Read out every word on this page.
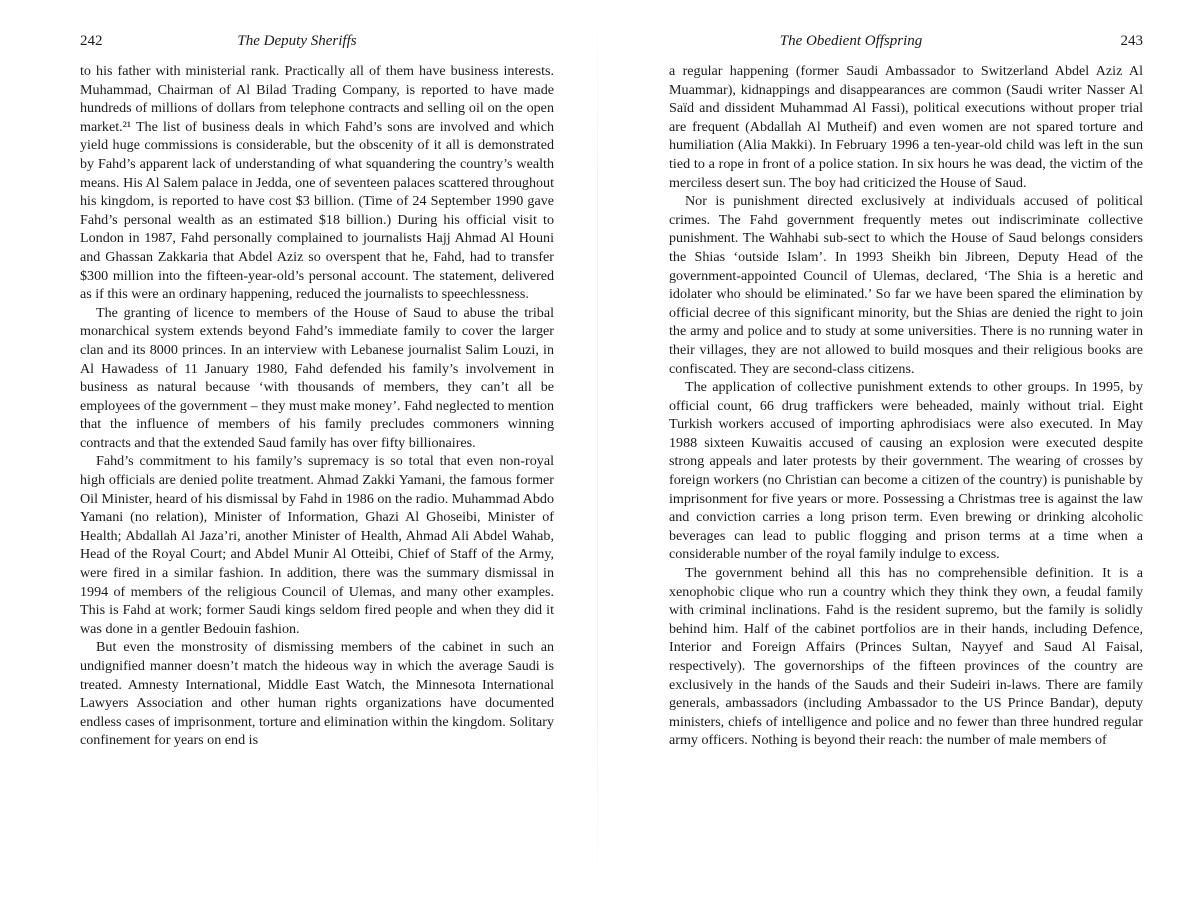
242	The Deputy Sheriffs

to his father with ministerial rank. Practically all of them have business interests. Muhammad, Chairman of Al Bilad Trading Company, is reported to have made hundreds of millions of dollars from telephone contracts and selling oil on the open market.²¹ The list of business deals in which Fahd’s sons are involved and which yield huge commissions is considerable, but the obscenity of it all is demonstrated by Fahd’s apparent lack of understanding of what squandering the country’s wealth means. His Al Salem palace in Jedda, one of seventeen palaces scattered throughout his kingdom, is reported to have cost $3 billion. (Time of 24 September 1990 gave Fahd’s personal wealth as an estimated $18 billion.) During his official visit to London in 1987, Fahd personally complained to journalists Hajj Ahmad Al Houni and Ghassan Zakkaria that Abdel Aziz so overspent that he, Fahd, had to transfer $300 million into the fifteen-year-old’s personal account. The statement, delivered as if this were an ordinary happening, reduced the journalists to speechlessness.

The granting of licence to members of the House of Saud to abuse the tribal monarchical system extends beyond Fahd’s immediate family to cover the larger clan and its 8000 princes. In an interview with Lebanese journalist Salim Louzi, in Al Hawadess of 11 January 1980, Fahd defended his family’s involvement in business as natural because ‘with thousands of members, they can’t all be employees of the government – they must make money’. Fahd neglected to mention that the influence of members of his family precludes commoners winning contracts and that the extended Saud family has over fifty billionaires.

Fahd’s commitment to his family’s supremacy is so total that even non-royal high officials are denied polite treatment. Ahmad Zakki Yamani, the famous former Oil Minister, heard of his dismissal by Fahd in 1986 on the radio. Muhammad Abdo Yamani (no relation), Minister of Information, Ghazi Al Ghoseibi, Minister of Health; Abdallah Al Jaza’ri, another Minister of Health, Ahmad Ali Abdel Wahab, Head of the Royal Court; and Abdel Munir Al Otteibi, Chief of Staff of the Army, were fired in a similar fashion. In addition, there was the summary dismissal in 1994 of members of the religious Council of Ulemas, and many other examples. This is Fahd at work; former Saudi kings seldom fired people and when they did it was done in a gentler Bedouin fashion.

But even the monstrosity of dismissing members of the cabinet in such an undignified manner doesn’t match the hideous way in which the average Saudi is treated. Amnesty International, Middle East Watch, the Minnesota International Lawyers Association and other human rights organizations have documented endless cases of imprisonment, torture and elimination within the kingdom. Solitary confinement for years on end is

The Obedient Offspring	243

a regular happening (former Saudi Ambassador to Switzerland Abdel Aziz Al Muammar), kidnappings and disappearances are common (Saudi writer Nasser Al Saïd and dissident Muhammad Al Fassi), political executions without proper trial are frequent (Abdallah Al Mutheif) and even women are not spared torture and humiliation (Alia Makki). In February 1996 a ten-year-old child was left in the sun tied to a rope in front of a police station. In six hours he was dead, the victim of the merciless desert sun. The boy had criticized the House of Saud.

Nor is punishment directed exclusively at individuals accused of political crimes. The Fahd government frequently metes out indiscriminate collective punishment. The Wahhabi sub-sect to which the House of Saud belongs considers the Shias ‘outside Islam’. In 1993 Sheikh bin Jibreen, Deputy Head of the government-appointed Council of Ulemas, declared, ‘The Shia is a heretic and idolater who should be eliminated.’ So far we have been spared the elimination by official decree of this significant minority, but the Shias are denied the right to join the army and police and to study at some universities. There is no running water in their villages, they are not allowed to build mosques and their religious books are confiscated. They are second-class citizens.

The application of collective punishment extends to other groups. In 1995, by official count, 66 drug traffickers were beheaded, mainly without trial. Eight Turkish workers accused of importing aphrodisiacs were also executed. In May 1988 sixteen Kuwaitis accused of causing an explosion were executed despite strong appeals and later protests by their government. The wearing of crosses by foreign workers (no Christian can become a citizen of the country) is punishable by imprisonment for five years or more. Possessing a Christmas tree is against the law and conviction carries a long prison term. Even brewing or drinking alcoholic beverages can lead to public flogging and prison terms at a time when a considerable number of the royal family indulge to excess.

The government behind all this has no comprehensible definition. It is a xenophobic clique who run a country which they think they own, a feudal family with criminal inclinations. Fahd is the resident supremo, but the family is solidly behind him. Half of the cabinet portfolios are in their hands, including Defence, Interior and Foreign Affairs (Princes Sultan, Nayyef and Saud Al Faisal, respectively). The governorships of the fifteen provinces of the country are exclusively in the hands of the Sauds and their Sudeiri in-laws. There are family generals, ambassadors (including Ambassador to the US Prince Bandar), deputy ministers, chiefs of intelligence and police and no fewer than three hundred regular army officers. Nothing is beyond their reach: the number of male members of
